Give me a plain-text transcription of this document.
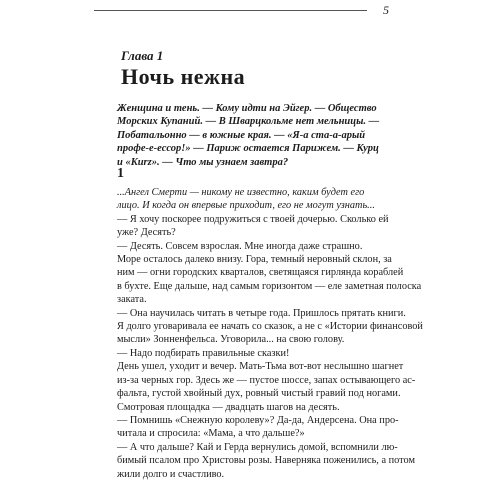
5
Глава 1
Ночь нежна
Женщина и тень. — Кому идти на Эйгер. — Общество
Морских Купаний. — В Шварцкольме нет мельницы. —
Побатальонно — в южные края. — «Я-а ста-а-арый
профе-е-ессор!» — Париж остается Парижем. — Курц
и «Kurz». — Что мы узнаем завтра?
1
...Ангел Смерти — никому не известно, каким будет его
лицо. И когда он впервые приходит, его не могут узнать...
— Я хочу поскорее подружиться с твоей дочерью. Сколько ей
уже? Десять?
— Десять. Совсем взрослая. Мне иногда даже страшно.
Море осталось далеко внизу. Гора, темный неровный склон, за
ним — огни городских кварталов, светящаяся гирлянда кораблей
в бухте. Еще дальше, над самым горизонтом — еле заметная полоска
заката.
— Она научилась читать в четыре года. Пришлось прятать книги.
Я долго уговаривала ее начать со сказок, а не с «Истории финансовой
мысли» Зонненфельса. Уговорила... на свою голову.
— Надо подбирать правильные сказки!
День ушел, уходит и вечер. Мать-Тьма вот-вот неслышно шагнет
из-за черных гор. Здесь же — пустое шоссе, запах остывающего ас-
фальта, густой хвойный дух, ровный чистый гравий под ногами.
Смотровая площадка — двадцать шагов на десять.
— Помнишь «Снежную королеву»? Да-да, Андерсена. Она про-
читала и спросила: «Мама, а что дальше?»
— А что дальше? Кай и Герда вернулись домой, вспомнили лю-
бимый псалом про Христовы розы. Наверняка поженились, а потом
жили долго и счастливо.
